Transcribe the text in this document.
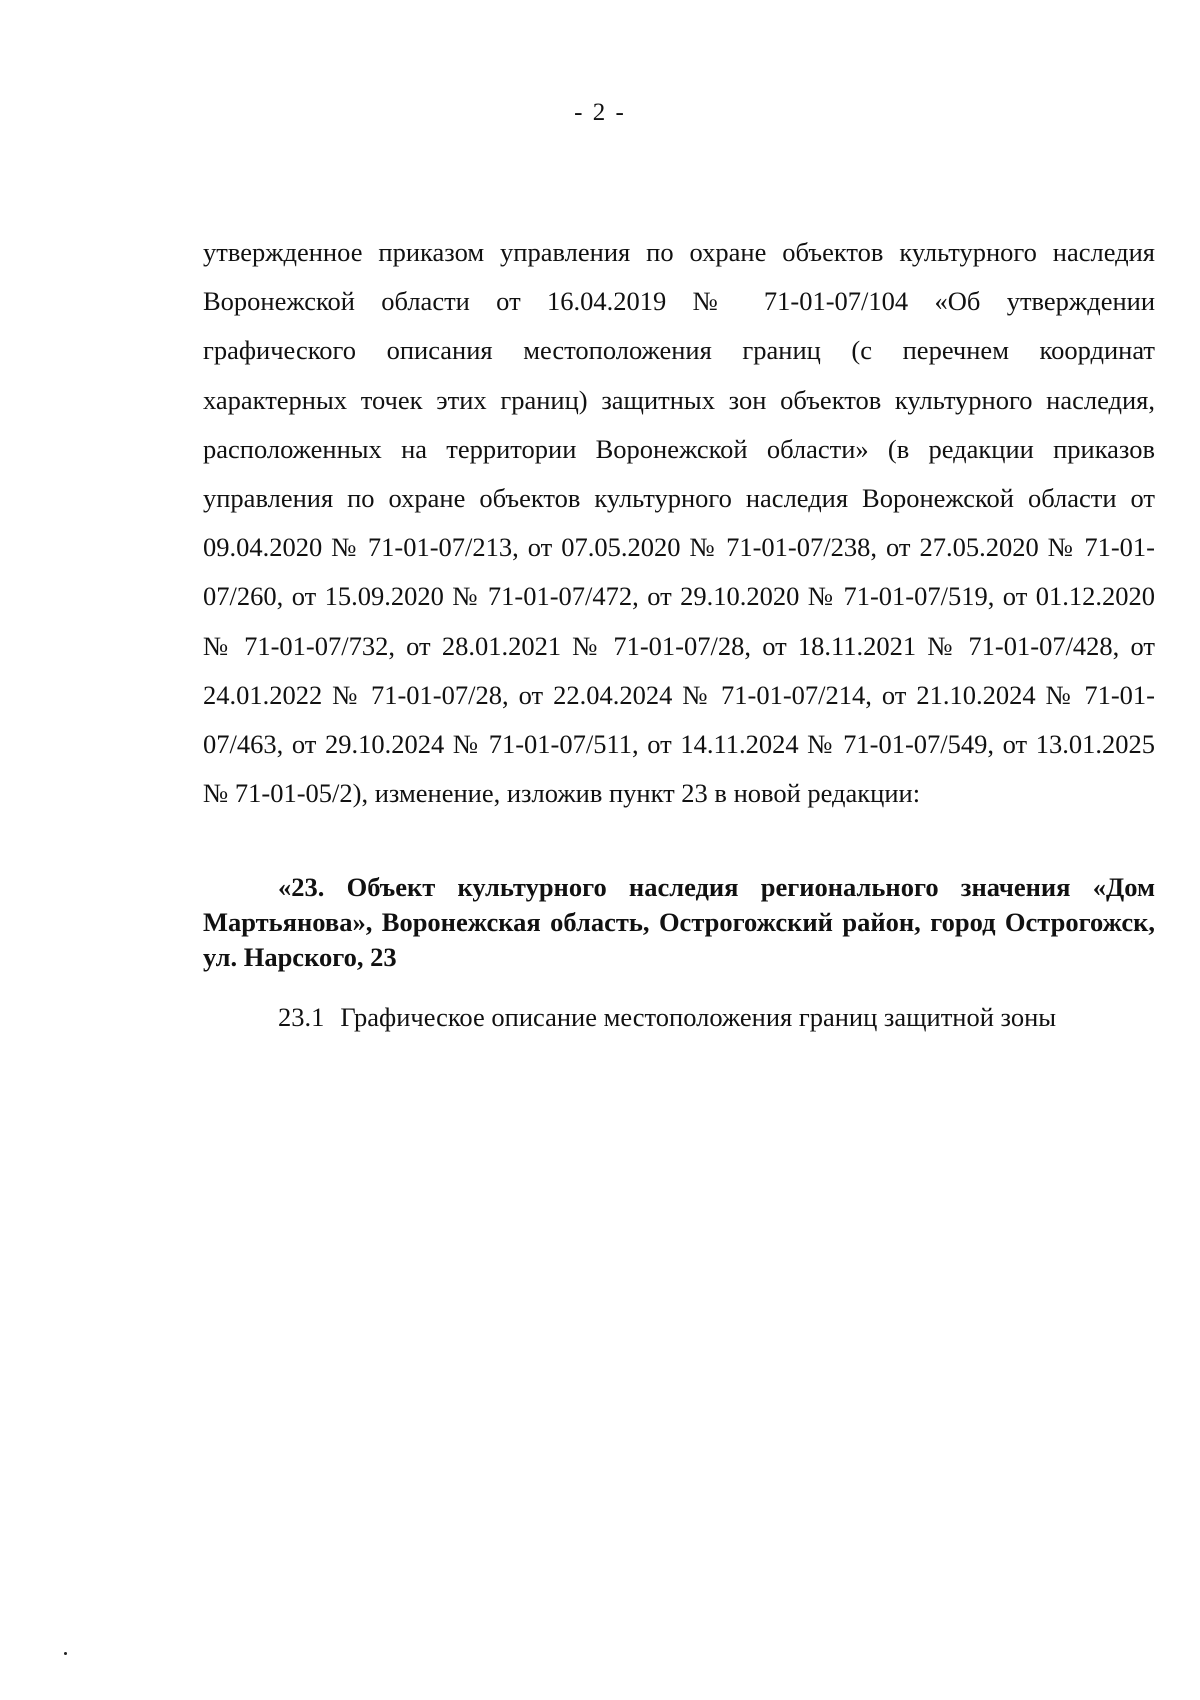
- 2 -

утвержденное приказом управления по охране объектов культурного наследия Воронежской области от 16.04.2019 № 71-01-07/104 «Об утверждении графического описания местоположения границ (с перечнем координат характерных точек этих границ) защитных зон объектов культурного наследия, расположенных на территории Воронежской области» (в редакции приказов управления по охране объектов культурного наследия Воронежской области от 09.04.2020 № 71-01-07/213, от 07.05.2020 № 71-01-07/238, от 27.05.2020 № 71-01-07/260, от 15.09.2020 № 71-01-07/472, от 29.10.2020 № 71-01-07/519, от 01.12.2020 № 71-01-07/732, от 28.01.2021 № 71-01-07/28, от 18.11.2021 № 71-01-07/428, от 24.01.2022 № 71-01-07/28, от 22.04.2024 № 71-01-07/214, от 21.10.2024 № 71-01-07/463, от 29.10.2024 № 71-01-07/511, от 14.11.2024 № 71-01-07/549, от 13.01.2025 № 71-01-05/2), изменение, изложив пункт 23 в новой редакции:

«23. Объект культурного наследия регионального значения «Дом Мартьянова», Воронежская область, Острогожский район, город Острогожск, ул. Нарского, 23

23.1 Графическое описание местоположения границ защитной зоны
